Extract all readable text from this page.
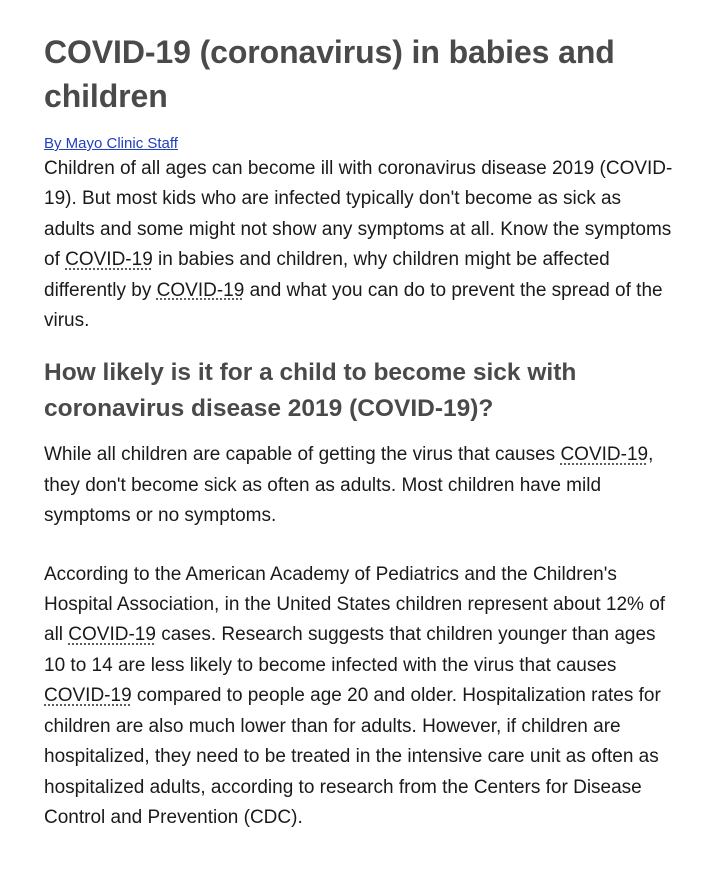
COVID-19 (coronavirus) in babies and children
By Mayo Clinic Staff

Children of all ages can become ill with coronavirus disease 2019 (COVID-19). But most kids who are infected typically don't become as sick as adults and some might not show any symptoms at all. Know the symptoms of COVID-19 in babies and children, why children might be affected differently by COVID-19 and what you can do to prevent the spread of the virus.

How likely is it for a child to become sick with coronavirus disease 2019 (COVID-19)?

While all children are capable of getting the virus that causes COVID-19, they don't become sick as often as adults. Most children have mild symptoms or no symptoms.

According to the American Academy of Pediatrics and the Children's Hospital Association, in the United States children represent about 12% of all COVID-19 cases. Research suggests that children younger than ages 10 to 14 are less likely to become infected with the virus that causes COVID-19 compared to people age 20 and older. Hospitalization rates for children are also much lower than for adults. However, if children are hospitalized, they need to be treated in the intensive care unit as often as hospitalized adults, according to research from the Centers for Disease Control and Prevention (CDC).
